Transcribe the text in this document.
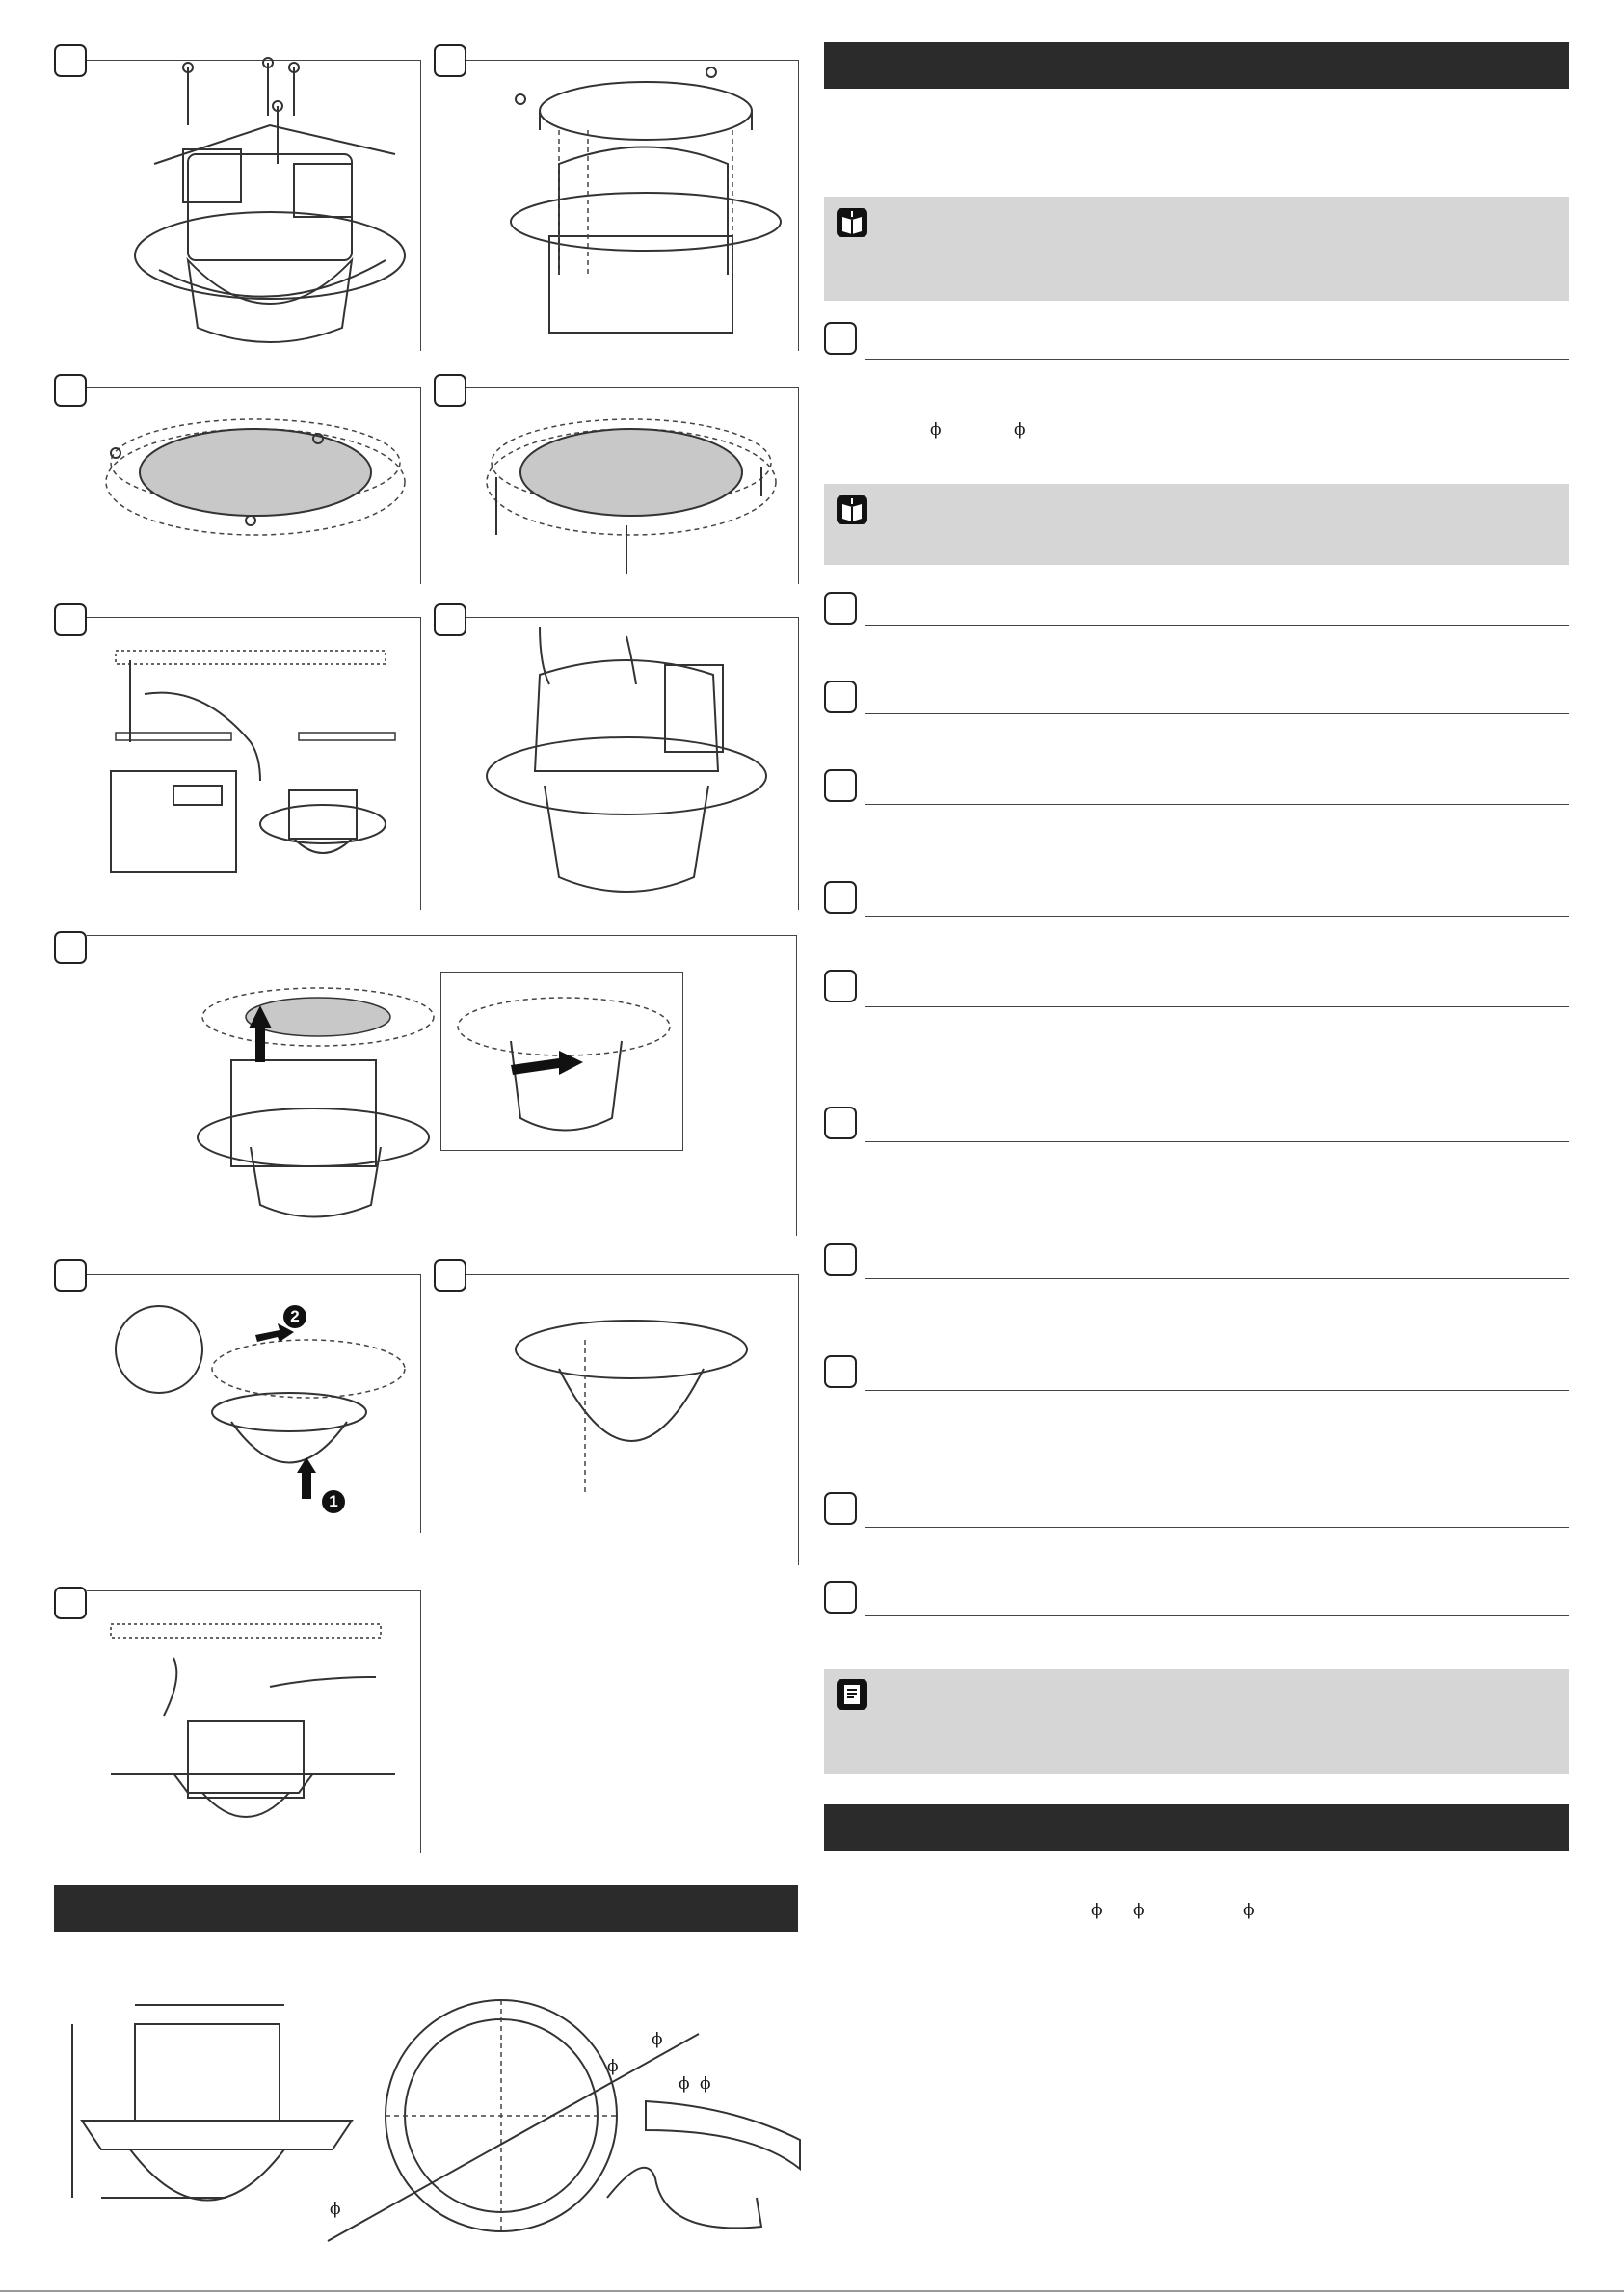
2
1
ϕ	ϕ
ϕ ϕ	ϕ
ϕ
ϕ
ϕ ϕ
ϕ
